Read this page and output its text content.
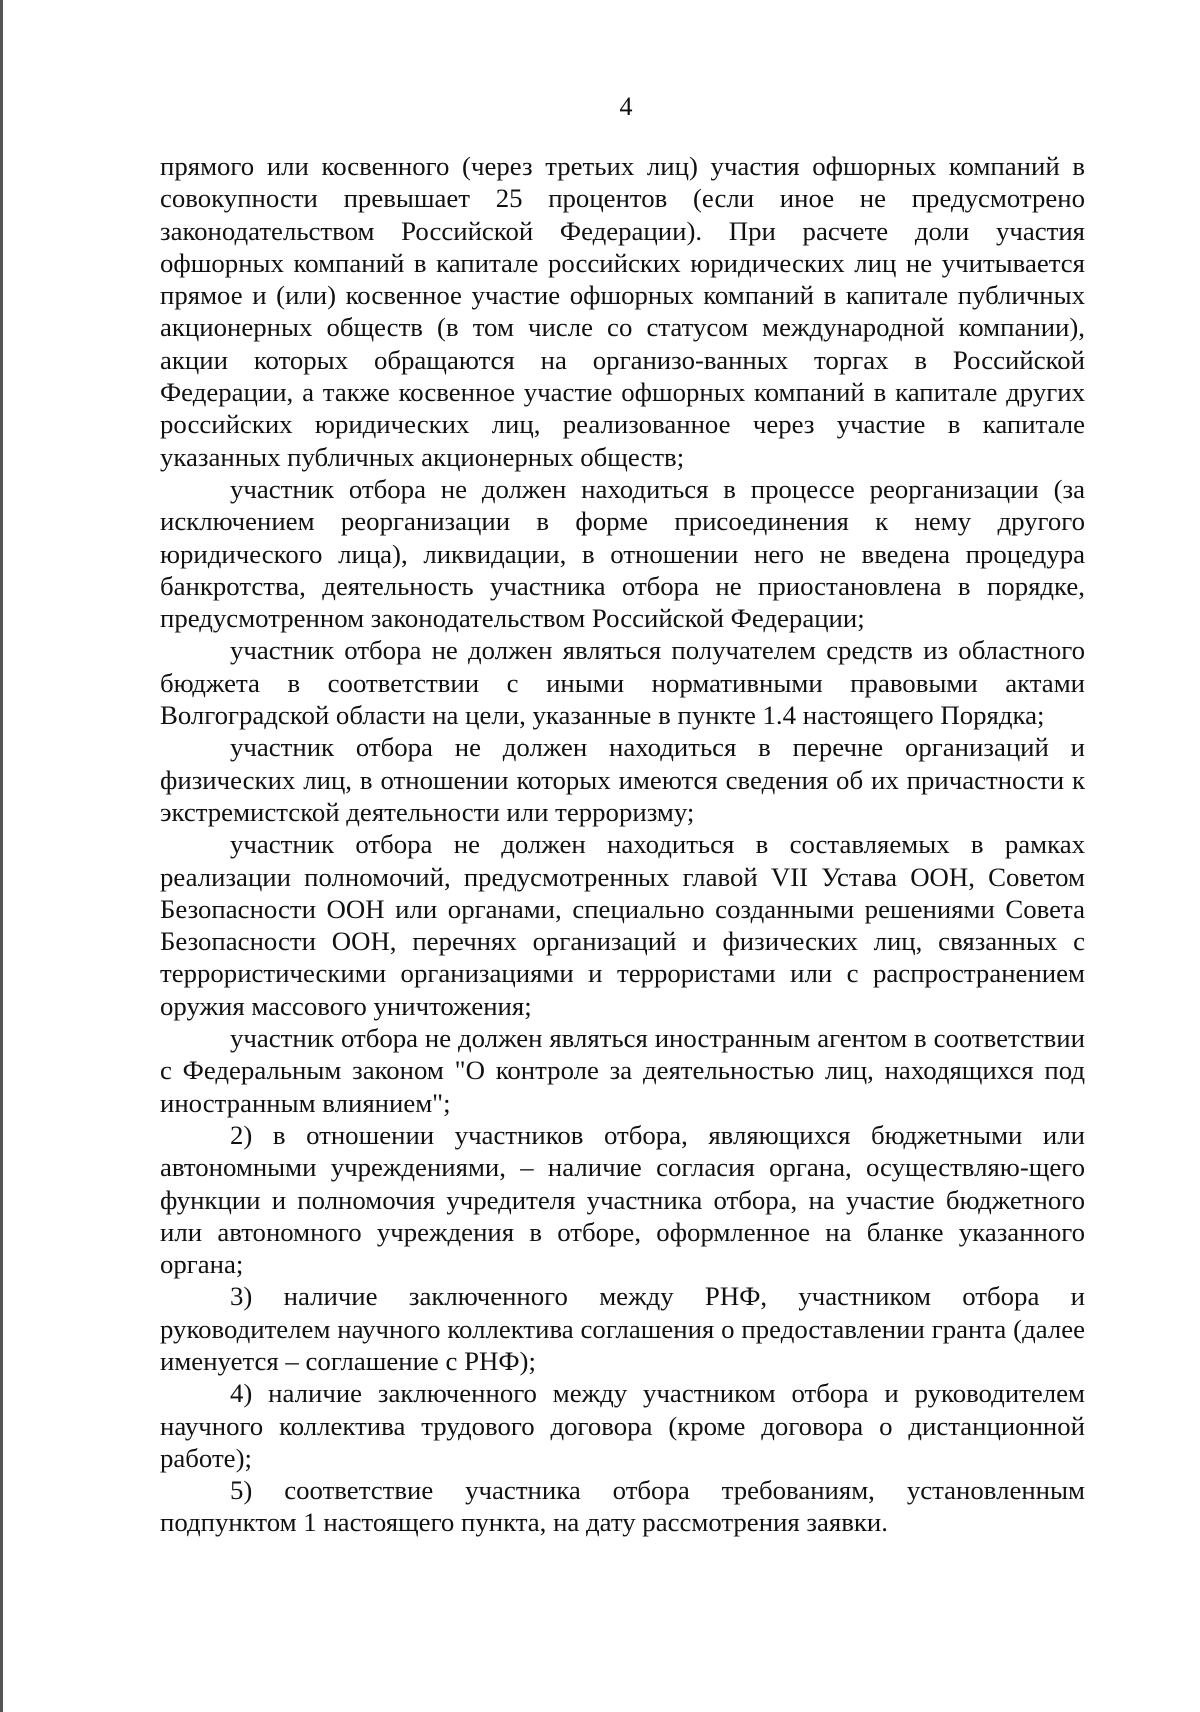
4

прямого или косвенного (через третьих лиц) участия офшорных компаний в совокупности превышает 25 процентов (если иное не предусмотрено законодательством Российской Федерации). При расчете доли участия офшорных компаний в капитале российских юридических лиц не учитывается прямое и (или) косвенное участие офшорных компаний в капитале публичных акционерных обществ (в том числе со статусом международной компании), акции которых обращаются на организо-ванных торгах в Российской Федерации, а также косвенное участие офшорных компаний в капитале других российских юридических лиц, реализованное через участие в капитале указанных публичных акционерных обществ;

участник отбора не должен находиться в процессе реорганизации (за исключением реорганизации в форме присоединения к нему другого юридического лица), ликвидации, в отношении него не введена процедура банкротства, деятельность участника отбора не приостановлена в порядке, предусмотренном законодательством Российской Федерации;

участник отбора не должен являться получателем средств из областного бюджета в соответствии с иными нормативными правовыми актами Волгоградской области на цели, указанные в пункте 1.4 настоящего Порядка;

участник отбора не должен находиться в перечне организаций и физических лиц, в отношении которых имеются сведения об их причастности к экстремистской деятельности или терроризму;

участник отбора не должен находиться в составляемых в рамках реализации полномочий, предусмотренных главой VII Устава ООН, Советом Безопасности ООН или органами, специально созданными решениями Совета Безопасности ООН, перечнях организаций и физических лиц, связанных с террористическими организациями и террористами или с распространением оружия массового уничтожения;

участник отбора не должен являться иностранным агентом в соответствии с Федеральным законом "О контроле за деятельностью лиц, находящихся под иностранным влиянием";

2) в отношении участников отбора, являющихся бюджетными или автономными учреждениями, – наличие согласия органа, осуществляю-щего функции и полномочия учредителя участника отбора, на участие бюджетного или автономного учреждения в отборе, оформленное на бланке указанного органа;

3) наличие заключенного между РНФ, участником отбора и руководителем научного коллектива соглашения о предоставлении гранта (далее именуется – соглашение с РНФ);

4) наличие заключенного между участником отбора и руководителем научного коллектива трудового договора (кроме договора о дистанционной работе);

5) соответствие участника отбора требованиям, установленным подпунктом 1 настоящего пункта, на дату рассмотрения заявки.
